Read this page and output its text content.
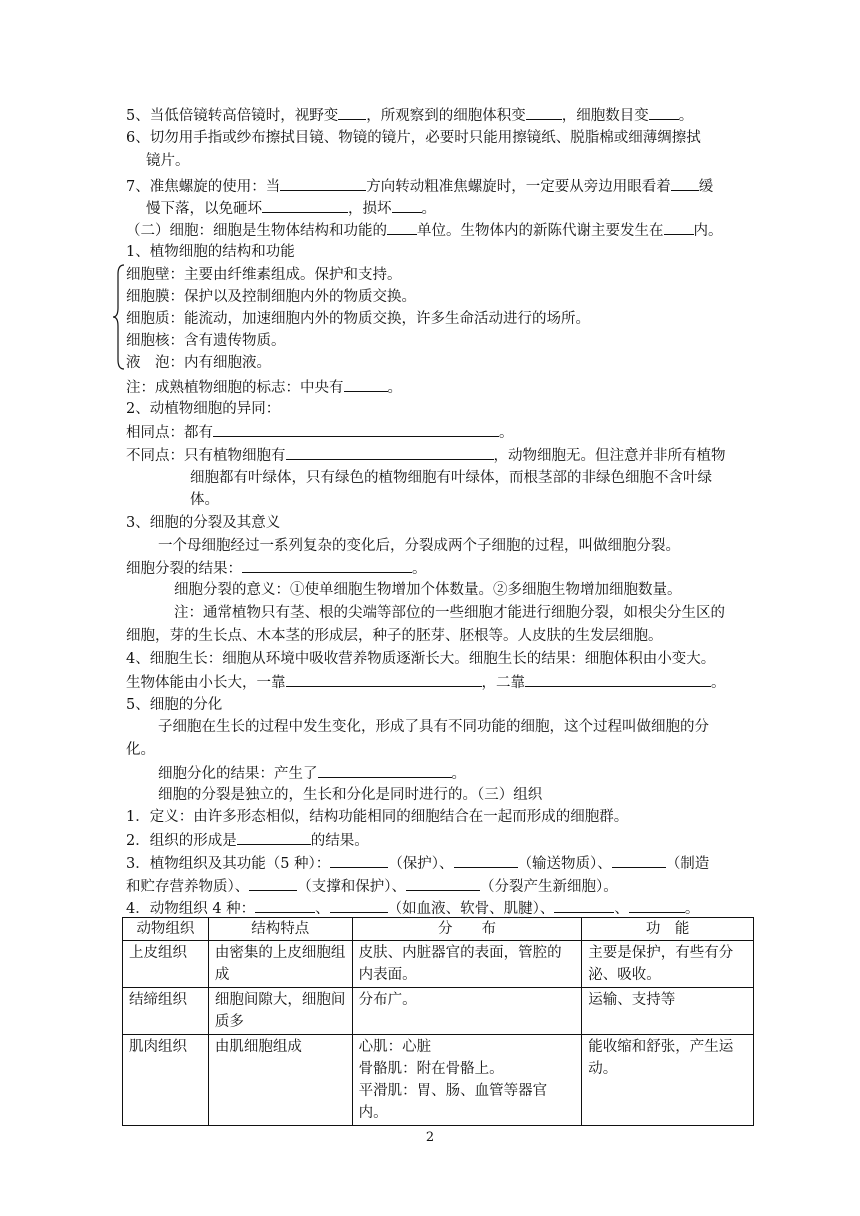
5、当低倍镜转高倍镜时，视野变 ，所观察到的细胞体积变 ，细胞数目变 。
6、切勿用手指或纱布擦拭目镜、物镜的镜片，必要时只能用擦镜纸、脱脂棉或细薄绸擦拭
镜片。
7、准焦螺旋的使用：当	方向转动粗准焦螺旋时，一定要从旁边用眼看着 缓
慢下落，以免砸坏	，损坏 。
（二）细胞：细胞是生物体结构和功能的 单位。生物体内的新陈代谢主要发生在 内。
1、植物细胞的结构和功能
细胞壁：主要由纤维素组成。保护和支持。
细胞膜：保护以及控制细胞内外的物质交换。
细胞质：能流动，加速细胞内外的物质交换，许多生命活动进行的场所。
细胞核：含有遗传物质。
液　泡：内有细胞液。
注：成熟植物细胞的标志：中央有	。
2、动植物细胞的异同：
相同点：都有	。
不同点：只有植物细胞有	，动物细胞无。但注意并非所有植物
细胞都有叶绿体，只有绿色的植物细胞有叶绿体，而根茎部的非绿色细胞不含叶绿
体。
3、细胞的分裂及其意义
一个母细胞经过一系列复杂的变化后，分裂成两个子细胞的过程，叫做细胞分裂。
细胞分裂的结果：	。
细胞分裂的意义：①使单细胞生物增加个体数量。②多细胞生物增加细胞数量。
注：通常植物只有茎、根的尖端等部位的一些细胞才能进行细胞分裂，如根尖分生区的
细胞，芽的生长点、木本茎的形成层，种子的胚芽、胚根等。人皮肤的生发层细胞。
4、细胞生长：细胞从环境中吸收营养物质逐渐长大。细胞生长的结果：细胞体积由小变大。
生物体能由小长大，一靠	，二靠	。
5、细胞的分化
子细胞在生长的过程中发生变化，形成了具有不同功能的细胞，这个过程叫做细胞的分
化。
细胞分化的结果：产生了	。
细胞的分裂是独立的，生长和分化是同时进行的。（三）组织
1．定义：由许多形态相似，结构功能相同的细胞结合在一起而形成的细胞群。
2．组织的形成是	的结果。
3．植物组织及其功能（5 种）：	（保护）、	（输送物质）、	（制造
和贮存营养物质）、	（支撑和保护）、	（分裂产生新细胞）。
4．动物组织 4 种：	、	（如血液、软骨、肌腱）、	、	。
动物组织	结构特点	分　　布	功　能
上皮组织	由密集的上皮细胞组成	皮肤、内脏器官的表面，管腔的内表面。	主要是保护，有些有分泌、吸收。
结缔组织	细胞间隙大，细胞间质多	分布广。	运输、支持等
肌肉组织	由肌细胞组成	心肌：心脏
骨骼肌：附在骨骼上。
平滑肌：胃、肠、血管等器官内。	能收缩和舒张，产生运动。
2
